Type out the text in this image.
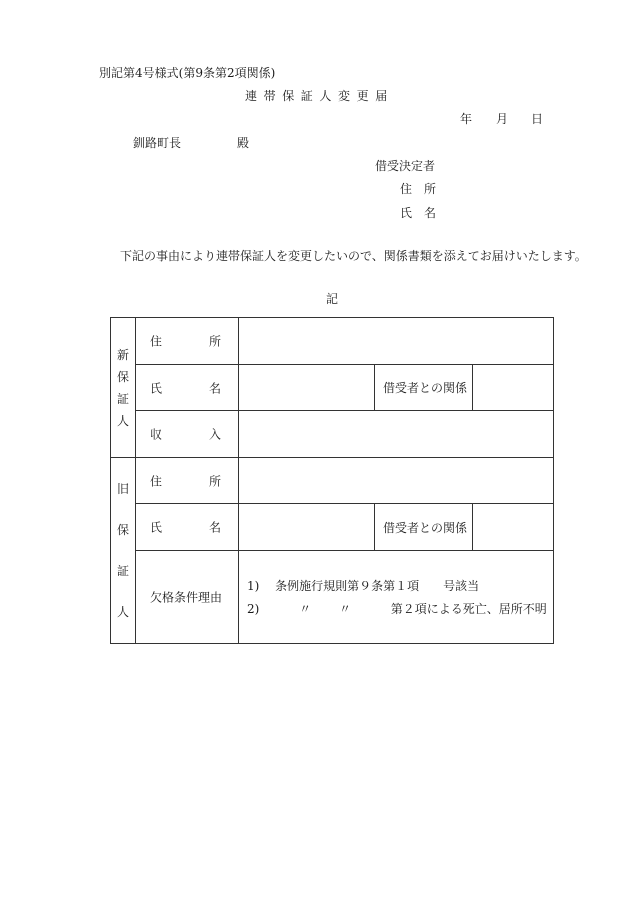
別記第4号様式(第9条第2項関係)
連帯保証人変更届
年 月 日
釧路町長	殿
借受決定者
住 所
氏 名
下記の事由により連帯保証人を変更したいので、関係書類を添えてお届けいたします。
記
新
保
証
人	住 所			

	氏 名		借受者との関係	

	収 入			

旧
保
証
人	住 所			

	氏 名		借受者との関係	

	欠格条件理由	1)　 条例施行規則第９条第１項　　号該当
2)　　　 〃　　 〃　　　 第２項による死亡、居所不明		
